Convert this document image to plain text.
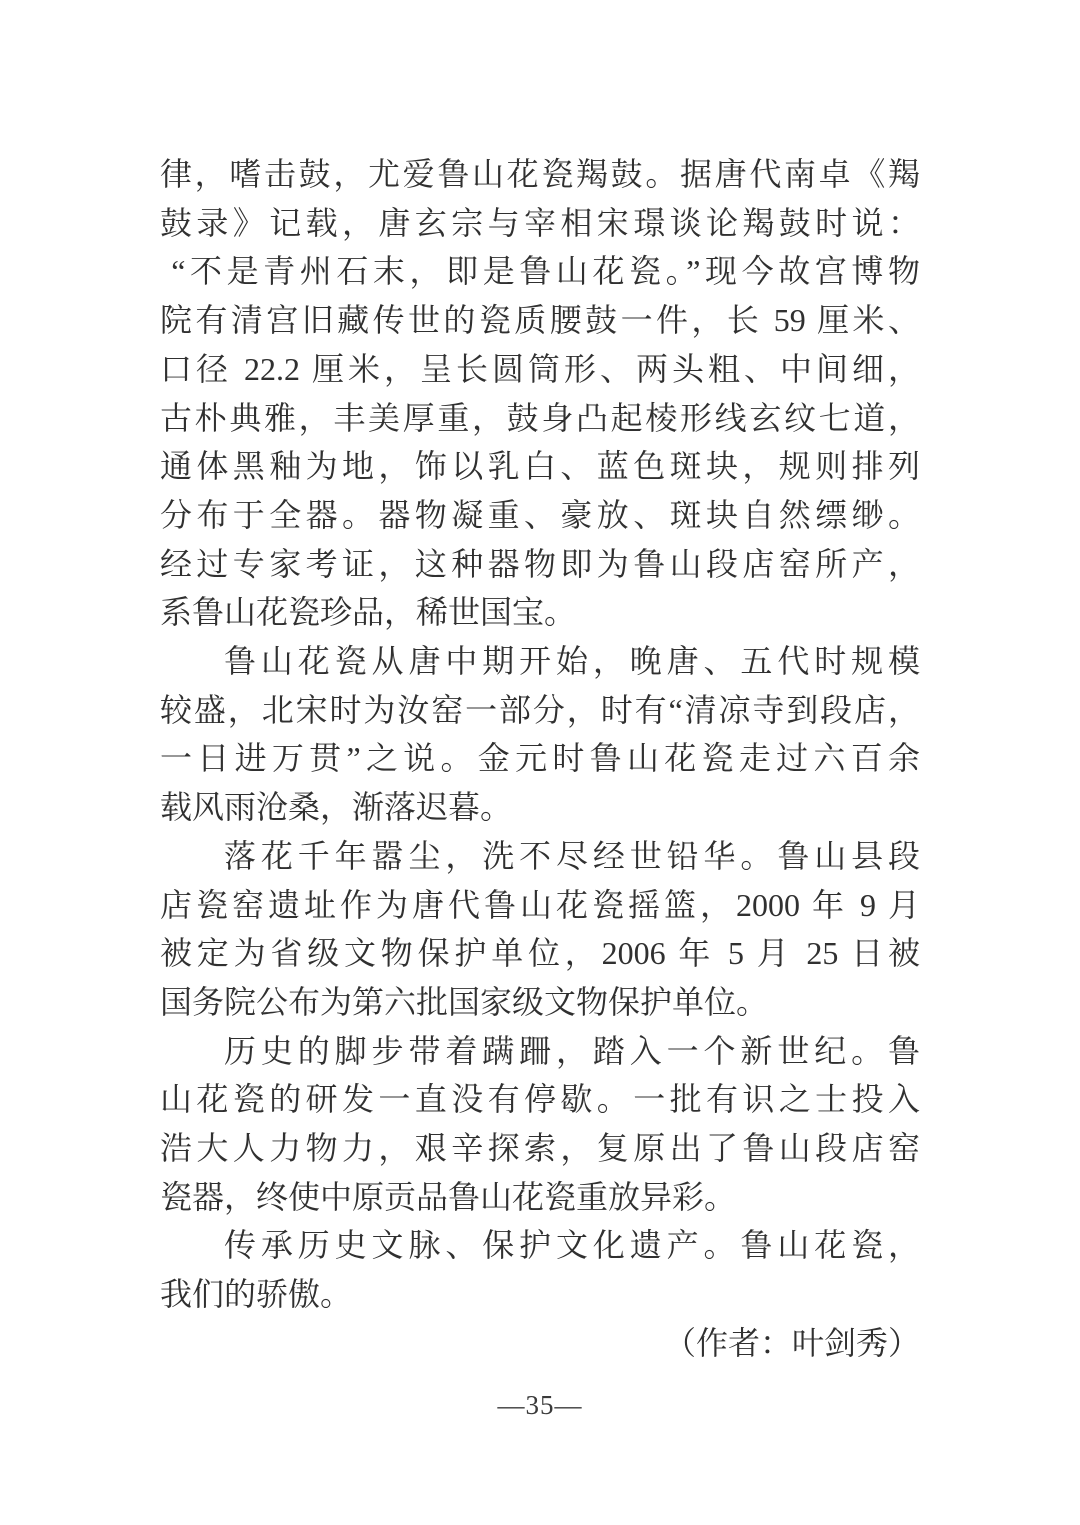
律，嗜击鼓，尤爱鲁山花瓷羯鼓。据唐代南卓《羯
鼓录》记载，唐玄宗与宰相宋璟谈论羯鼓时说：
“不是青州石末，即是鲁山花瓷。”现今故宫博物
院有清宫旧藏传世的瓷质腰鼓一件，长 59 厘米、
口径 22.2 厘米，呈长圆筒形、两头粗、中间细，
古朴典雅，丰美厚重，鼓身凸起棱形线玄纹七道，
通体黑釉为地，饰以乳白、蓝色斑块，规则排列
分布于全器。器物凝重、豪放、斑块自然缥缈。
经过专家考证，这种器物即为鲁山段店窑所产，
系鲁山花瓷珍品，稀世国宝。
鲁山花瓷从唐中期开始，晚唐、五代时规模
较盛，北宋时为汝窑一部分，时有“清凉寺到段店，
一日进万贯”之说。金元时鲁山花瓷走过六百余
载风雨沧桑，渐落迟暮。
落花千年嚣尘，洗不尽经世铅华。鲁山县段
店瓷窑遗址作为唐代鲁山花瓷摇篮，2000 年 9 月
被定为省级文物保护单位，2006 年 5 月 25 日被
国务院公布为第六批国家级文物保护单位。
历史的脚步带着蹒跚，踏入一个新世纪。鲁
山花瓷的研发一直没有停歇。一批有识之士投入
浩大人力物力，艰辛探索，复原出了鲁山段店窑
瓷器，终使中原贡品鲁山花瓷重放异彩。
传承历史文脉、保护文化遗产。鲁山花瓷，
我们的骄傲。
（作者：叶剑秀）
—35—
